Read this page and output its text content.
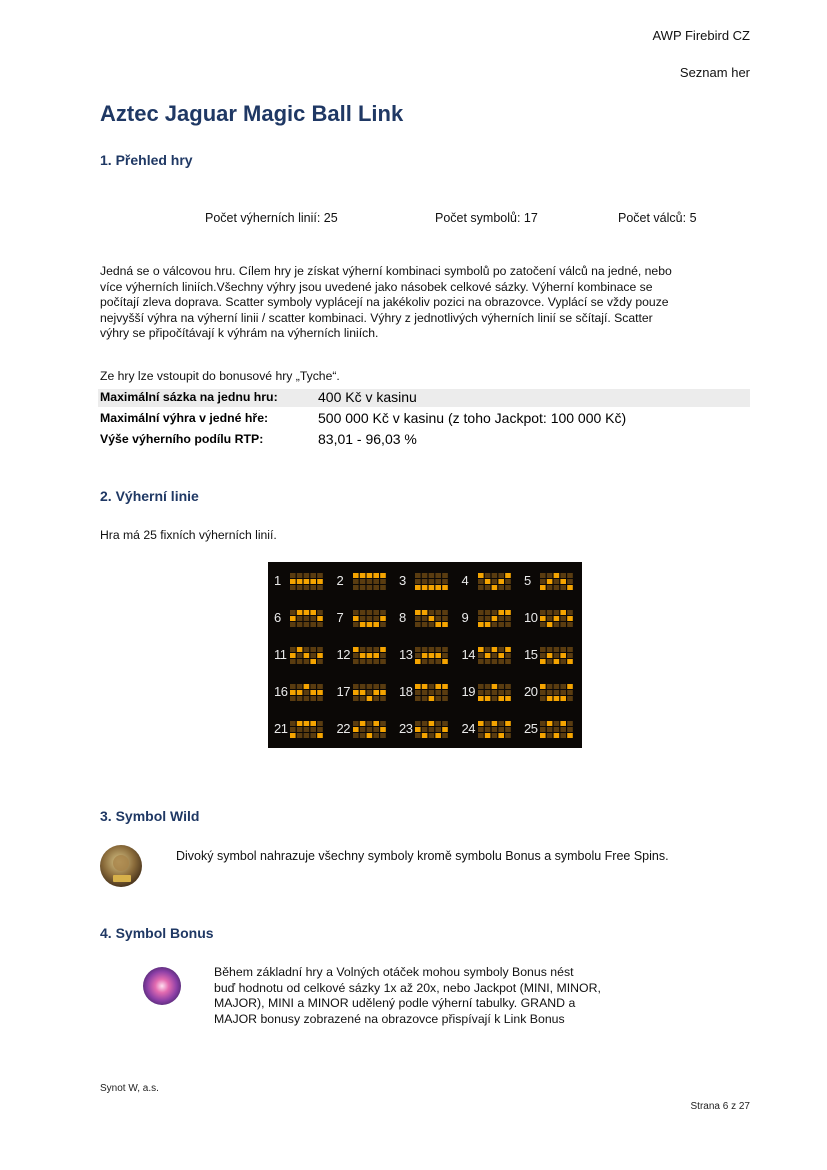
AWP Firebird CZ
Seznam her
Aztec Jaguar Magic Ball Link
1. Přehled hry
Počet výherních linií: 25	Počet symbolů: 17	Počet válců: 5
Jedná se o válcovou hru. Cílem hry je získat výherní kombinaci symbolů po zatočení válců na jedné, nebo
více výherních liniích.Všechny výhry jsou uvedené jako násobek celkové sázky. Výherní kombinace se
počítají zleva doprava. Scatter symboly vyplácejí na jakékoliv pozici na obrazovce. Vyplácí se vždy pouze
nejvyšší výhra na výherní linii / scatter kombinaci. Výhry z jednotlivých výherních linií se sčítají. Scatter
výhry se připočítávají k výhrám na výherních liniích.
Ze hry lze vstoupit do bonusové hry „Tyche“.
Maximální sázka na jednu hru:	400 Kč v kasinu
Maximální výhra v jedné hře:	500 000 Kč v kasinu (z toho Jackpot: 100 000 Kč)
Výše výherního podílu RTP:	83,01 - 96,03 %
2. Výherní linie
Hra má 25 fixních výherních linií.
1	2	3	4	5
6	7	8	9	10
11	12	13	14	15
16	17	18	19	20
21	22	23	24	25
3. Symbol Wild
Divoký symbol nahrazuje všechny symboly kromě symbolu Bonus a symbolu Free Spins.
4. Symbol Bonus
Během základní hry a Volných otáček mohou symboly Bonus nést
buď hodnotu od celkové sázky 1x až 20x, nebo Jackpot (MINI, MINOR,
MAJOR), MINI a MINOR udělený podle výherní tabulky. GRAND a
MAJOR bonusy zobrazené na obrazovce přispívají k Link Bonus
Synot W, a.s.
Strana 6 z 27
